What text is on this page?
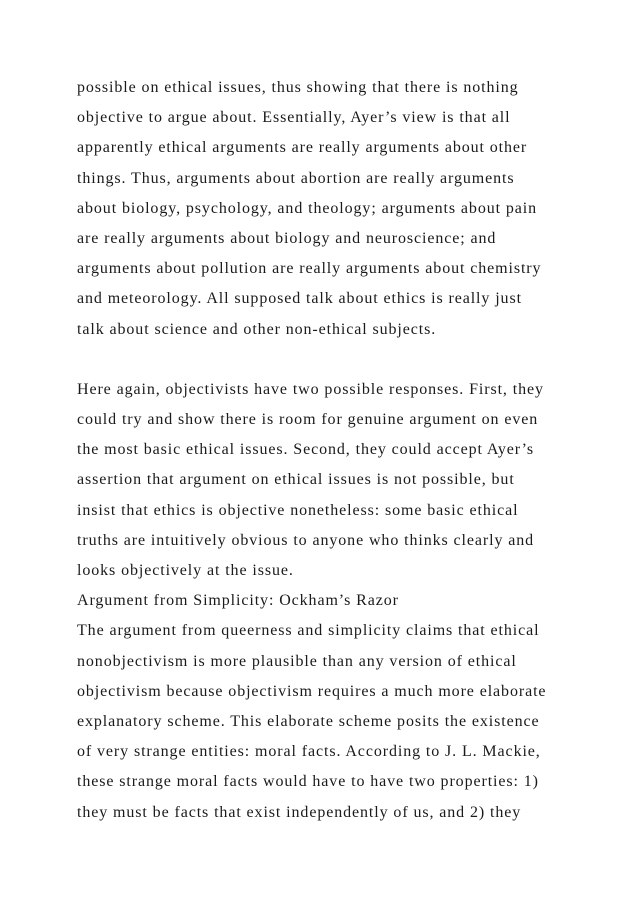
possible on ethical issues, thus showing that there is nothing
objective to argue about. Essentially, Ayer’s view is that all
apparently ethical arguments are really arguments about other
things. Thus, arguments about abortion are really arguments
about biology, psychology, and theology; arguments about pain
are really arguments about biology and neuroscience; and
arguments about pollution are really arguments about chemistry
and meteorology. All supposed talk about ethics is really just
talk about science and other non-ethical subjects.
Here again, objectivists have two possible responses. First, they
could try and show there is room for genuine argument on even
the most basic ethical issues. Second, they could accept Ayer’s
assertion that argument on ethical issues is not possible, but
insist that ethics is objective nonetheless: some basic ethical
truths are intuitively obvious to anyone who thinks clearly and
looks objectively at the issue.
Argument from Simplicity: Ockham’s Razor
The argument from queerness and simplicity claims that ethical
nonobjectivism is more plausible than any version of ethical
objectivism because objectivism requires a much more elaborate
explanatory scheme. This elaborate scheme posits the existence
of very strange entities: moral facts. According to J. L. Mackie,
these strange moral facts would have to have two properties: 1)
they must be facts that exist independently of us, and 2) they
